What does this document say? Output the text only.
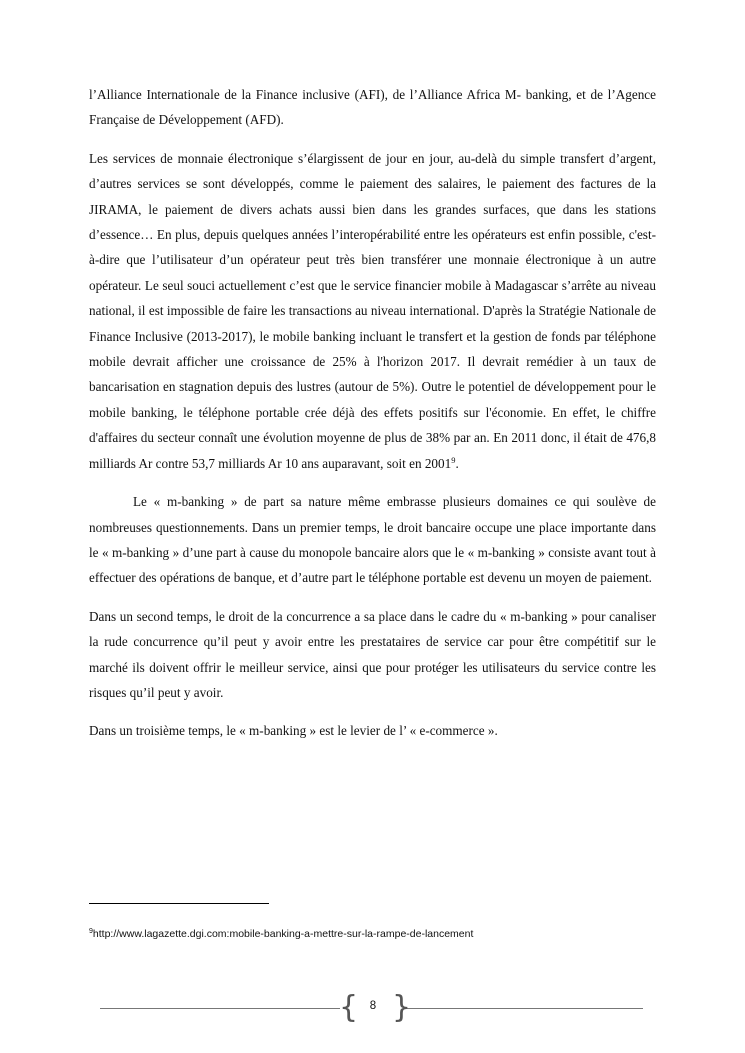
l’Alliance Internationale de la Finance inclusive (AFI), de l’Alliance Africa M- banking, et de l’Agence Française de Développement (AFD).

Les services de monnaie électronique s’élargissent de jour en jour, au-delà du simple transfert d’argent, d’autres services se sont développés, comme le paiement des salaires, le paiement des factures de la JIRAMA, le paiement de divers achats aussi bien dans les grandes surfaces, que dans les stations d’essence… En plus, depuis quelques années l’interopérabilité entre les opérateurs est enfin possible, c'est-à-dire que l’utilisateur d’un opérateur peut très bien transférer une monnaie électronique à un autre opérateur. Le seul souci actuellement c’est que le service financier mobile à Madagascar s’arrête au niveau national, il est impossible de faire les transactions au niveau international. D'après la Stratégie Nationale de Finance Inclusive (2013-2017), le mobile banking incluant le transfert et la gestion de fonds par téléphone mobile devrait afficher une croissance de 25% à l'horizon 2017. Il devrait remédier à un taux de bancarisation en stagnation depuis des lustres (autour de 5%). Outre le potentiel de développement pour le mobile banking, le téléphone portable crée déjà des effets positifs sur l'économie. En effet, le chiffre d'affaires du secteur connaît une évolution moyenne de plus de 38% par an. En 2011 donc, il était de 476,8 milliards Ar contre 53,7 milliards Ar 10 ans auparavant, soit en 2001$^9$.

Le « m-banking » de part sa nature même embrasse plusieurs domaines ce qui soulève de nombreuses questionnements. Dans un premier temps, le droit bancaire occupe une place importante dans le « m-banking » d’une part à cause du monopole bancaire alors que le « m-banking » consiste avant tout à effectuer des opérations de banque, et d’autre part le téléphone portable est devenu un moyen de paiement.

Dans un second temps, le droit de la concurrence a sa place dans le cadre du « m-banking » pour canaliser la rude concurrence qu’il peut y avoir entre les prestataires de service car pour être compétitif sur le marché ils doivent offrir le meilleur service, ainsi que pour protéger les utilisateurs du service contre les risques qu’il peut y avoir.

Dans un troisième temps, le « m-banking » est le levier de l’ « e-commerce ».

$^9$http://www.lagazette.dgi.com:mobile-banking-a-mettre-sur-la-rampe-de-lancement
{ }
8
